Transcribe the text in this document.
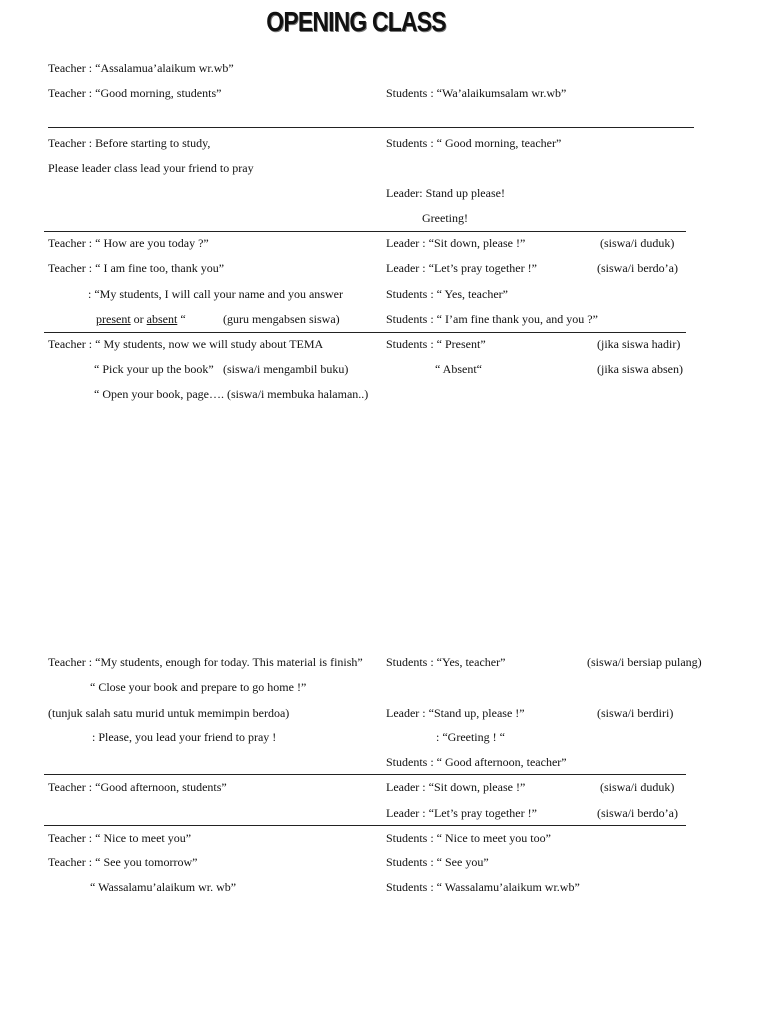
OPENING CLASS
Teacher : “Assalamua’alaikum wr.wb”
Teacher : “Good morning, students”	Students : “Wa’alaikumsalam wr.wb”
Teacher : Before starting to study,	Students : “ Good morning, teacher”
Please leader class lead your friend to pray
Leader: Stand up please!
Greeting!
Teacher : “ How are you today ?”	Leader : “Sit down, please !”	(siswa/i duduk)
Teacher : “ I am fine too, thank you”	Leader : “Let’s pray together !”	(siswa/i berdo’a)
: “My students, I will call your name and you answer	Students : “ Yes, teacher”
present or absent “	(guru mengabsen siswa)	Students : “ I’am fine thank you, and you ?”
Teacher : “ My students, now we will study about TEMA	Students : “ Present”	(jika siswa hadir)
“ Pick your up the book” (siswa/i mengambil buku)	“ Absent“	(jika siswa absen)
“ Open your book, page…. (siswa/i membuka halaman..)
Teacher : “My students, enough for today. This material is finish” Students : “Yes, teacher”	(siswa/i bersiap pulang)
“ Close your book and prepare to go home !”
(tunjuk salah satu murid untuk memimpin berdoa)	Leader : “Stand up, please !”	(siswa/i berdiri)
: Please, you lead your friend to pray !	: “Greeting ! “
Students : “ Good afternoon, teacher”
Teacher : “Good afternoon, students”	Leader : “Sit down, please !”	(siswa/i duduk)
Leader : “Let’s pray together !”	(siswa/i berdo’a)
Teacher : “ Nice to meet you”	Students : “ Nice to meet you too”
Teacher : “ See you tomorrow”	Students : “ See you”
“ Wassalamu’alaikum wr. wb”	Students : “ Wassalamu’alaikum wr.wb”
